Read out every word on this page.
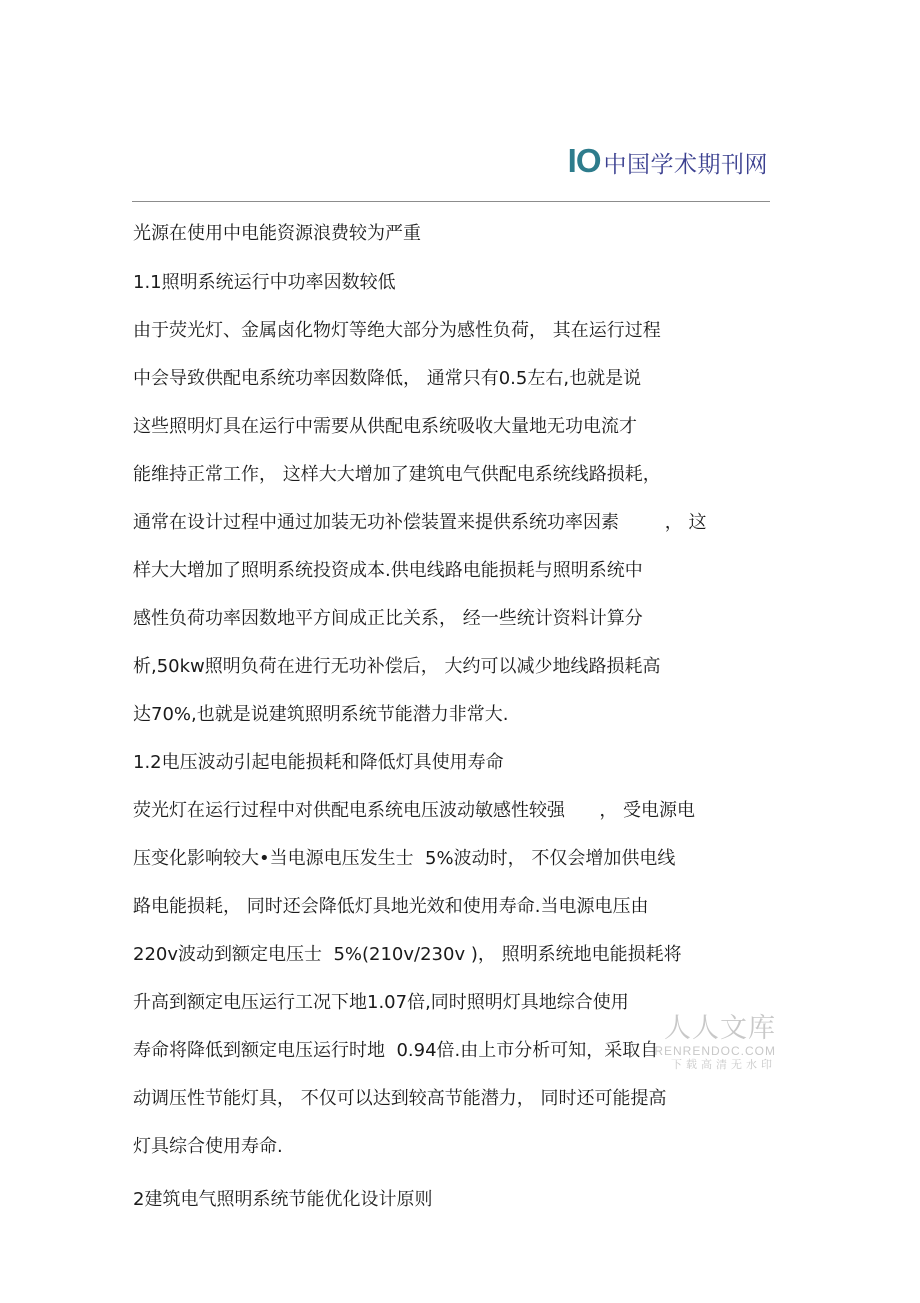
IO 中国学术期刊网
光源在使用中电能资源浪费较为严重
1.1照明系统运行中功率因数较低
由于荧光灯、金属卤化物灯等绝大部分为感性负荷， 其在运行过程
中会导致供配电系统功率因数降低， 通常只有0.5左右,也就是说
这些照明灯具在运行中需要从供配电系统吸收大量地无功电流才
能维持正常工作， 这样大大增加了建筑电气供配电系统线路损耗，
通常在设计过程中通过加装无功补偿装置来提供系统功率因素        ， 这
样大大增加了照明系统投资成本.供电线路电能损耗与照明系统中
感性负荷功率因数地平方间成正比关系， 经一些统计资料计算分
析,50kw照明负荷在进行无功补偿后， 大约可以减少地线路损耗高
达70%,也就是说建筑照明系统节能潜力非常大.
1.2电压波动引起电能损耗和降低灯具使用寿命
荧光灯在运行过程中对供配电系统电压波动敏感性较强      ， 受电源电
压变化影响较大•当电源电压发生士  5%波动时， 不仅会增加供电线
路电能损耗， 同时还会降低灯具地光效和使用寿命.当电源电压由
220v波动到额定电压士  5%(210v/230v )， 照明系统地电能损耗将
升高到额定电压运行工况下地1.07倍,同时照明灯具地综合使用
寿命将降低到额定电压运行时地  0.94倍.由上市分析可知，采取自
动调压性节能灯具， 不仅可以达到较高节能潜力， 同时还可能提高
灯具综合使用寿命.
2建筑电气照明系统节能优化设计原则
人人文库
RENRENDOC.COM
下载高清无水印
